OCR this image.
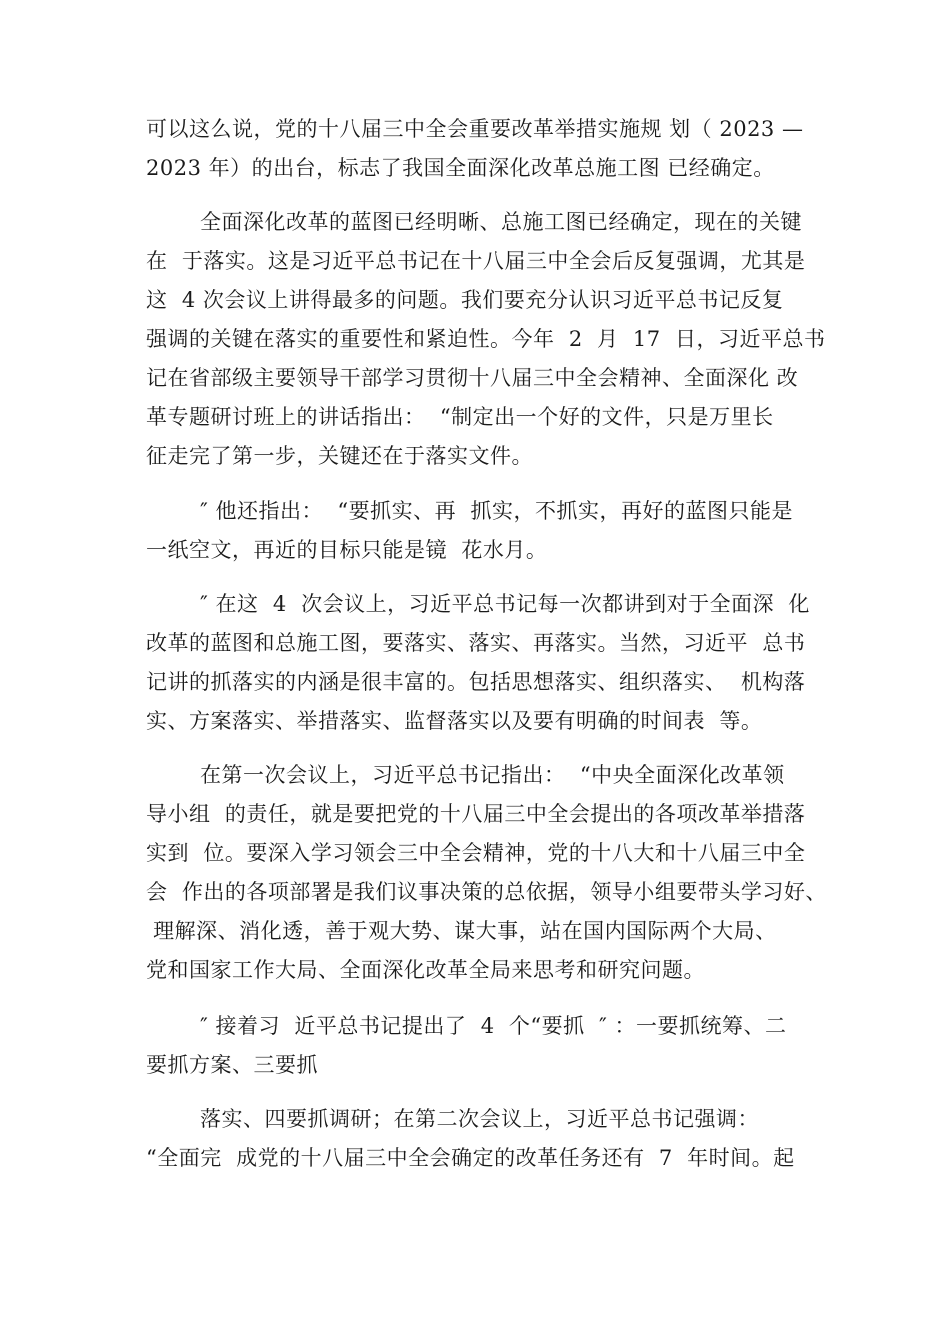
可以这么说，党的十八届三中全会重要改革举措实施规 划（ 2023 —
2023 年）的出台，标志了我国全面深化改革总施工图 已经确定。
全面深化改革的蓝图已经明晰、总施工图已经确定，现在的关键
在  于落实。这是习近平总书记在十八届三中全会后反复强调，尤其是
这  4 次会议上讲得最多的问题。我们要充分认识习近平总书记反复
强调的关键在落实的重要性和紧迫性。今年  2  月  17  日，习近平总书
记在省部级主要领导干部学习贯彻十八届三中全会精神、全面深化 改
革专题研讨班上的讲话指出：  “制定出一个好的文件，只是万里长
征走完了第一步，关键还在于落实文件。
″ 他还指出：  “要抓实、再  抓实，不抓实，再好的蓝图只能是
一纸空文，再近的目标只能是镜  花水月。
″ 在这  4  次会议上，习近平总书记每一次都讲到对于全面深  化
改革的蓝图和总施工图，要落实、落实、再落实。当然，习近平  总书
记讲的抓落实的内涵是很丰富的。包括思想落实、组织落实、  机构落
实、方案落实、举措落实、监督落实以及要有明确的时间表  等。
在第一次会议上，习近平总书记指出：  “中央全面深化改革领
导小组  的责任，就是要把党的十八届三中全会提出的各项改革举措落
实到  位。要深入学习领会三中全会精神，党的十八大和十八届三中全
会  作出的各项部署是我们议事决策的总依据，领导小组要带头学习好、
理解深、消化透，善于观大势、谋大事，站在国内国际两个大局、
党和国家工作大局、全面深化改革全局来思考和研究问题。
″ 接着习  近平总书记提出了  4  个“要抓  ″ ：一要抓统筹、二
要抓方案、三要抓
落实、四要抓调研；在第二次会议上，习近平总书记强调：
“全面完  成党的十八届三中全会确定的改革任务还有  7  年时间。起
